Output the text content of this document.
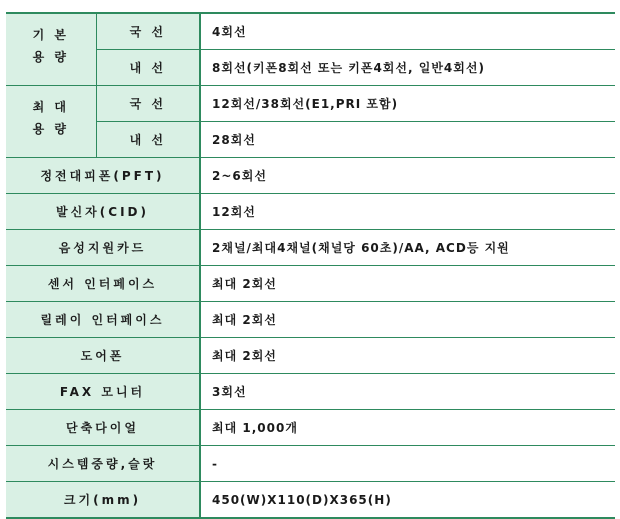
기 본
용 량	국 선	4회선
	내 선	8회선(키폰8회선 또는 키폰4회선, 일반4회선)
최 대
용 량	국 선	12회선/38회선(E1,PRI 포함)
	내 선	28회선
정전대피폰(PFT)		2~6회선
발신자(CID)		12회선
음성지원카드		2채널/최대4채널(채널당 60초)/AA, ACD등 지원
센서 인터페이스		최대 2회선
릴레이 인터페이스		최대 2회선
도어폰		최대 2회선
FAX 모니터		3회선
단축다이얼		최대 1,000개
시스템중량,슬랏		-
크기(mm)		450(W)X110(D)X365(H)
